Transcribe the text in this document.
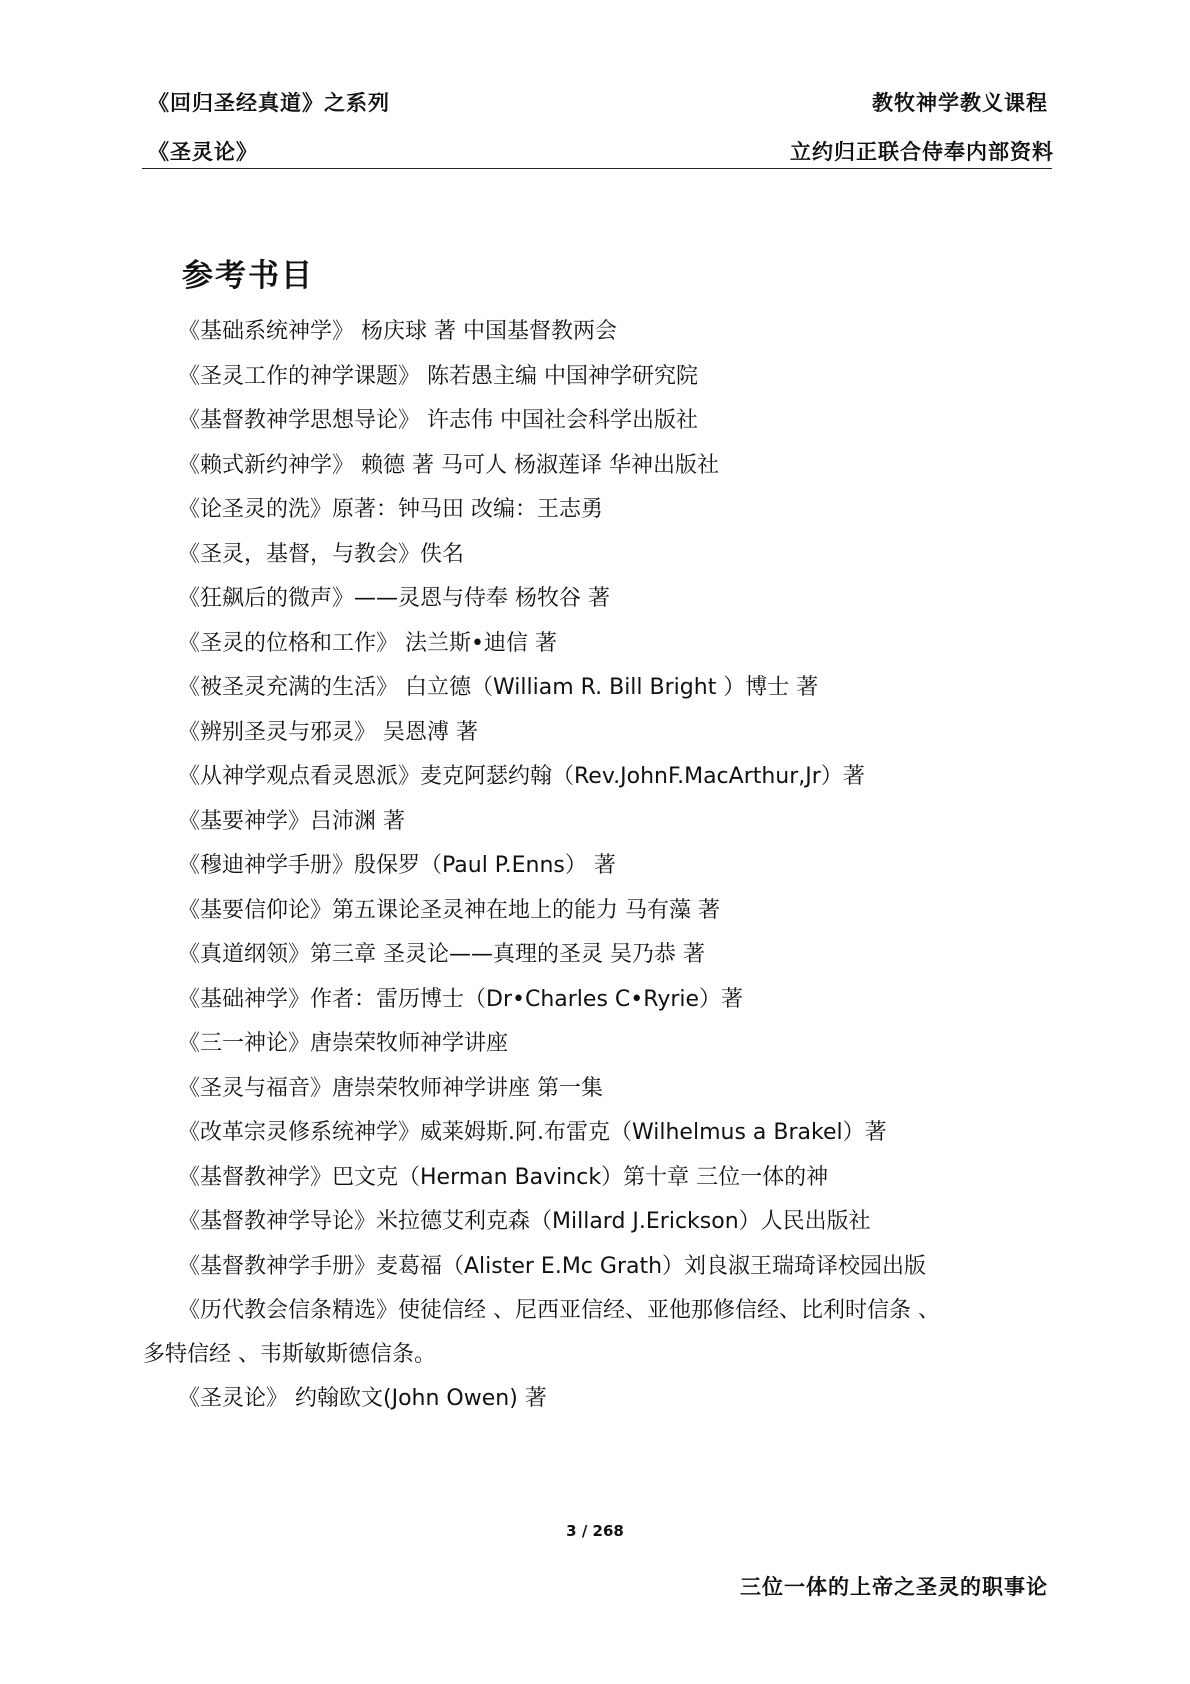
《回归圣经真道》之系列	教牧神学教义课程
《圣灵论》	立约归正联合侍奉内部资料
参考书目
《基础系统神学》 杨庆球 著 中国基督教两会
《圣灵工作的神学课题》 陈若愚主编 中国神学研究院
《基督教神学思想导论》 许志伟 中国社会科学出版社
《赖式新约神学》 赖德 著 马可人 杨淑莲译 华神出版社
《论圣灵的洗》原著：钟马田 改编：王志勇
《圣灵，基督，与教会》佚名
《狂飙后的微声》——灵恩与侍奉 杨牧谷 著
《圣灵的位格和工作》 法兰斯•迪信 著
《被圣灵充满的生活》 白立德（William R. Bill Bright ）博士 著
《辨别圣灵与邪灵》 吴恩溥 著
《从神学观点看灵恩派》麦克阿瑟约翰（Rev.JohnF.MacArthur,Jr）著
《基要神学》吕沛渊 著
《穆迪神学手册》殷保罗（Paul P.Enns） 著
《基要信仰论》第五课论圣灵神在地上的能力 马有藻 著
《真道纲领》第三章 圣灵论——真理的圣灵 吴乃恭 著
《基础神学》作者：雷历博士（Dr•Charles C•Ryrie）著
《三一神论》唐崇荣牧师神学讲座
《圣灵与福音》唐崇荣牧师神学讲座 第一集
《改革宗灵修系统神学》威莱姆斯.阿.布雷克（Wilhelmus a Brakel）著
《基督教神学》巴文克（Herman Bavinck）第十章 三位一体的神
《基督教神学导论》米拉德艾利克森（Millard J.Erickson）人民出版社
《基督教神学手册》麦葛福（Alister E.Mc Grath）刘良淑王瑞琦译校园出版
《历代教会信条精选》使徒信经 、尼西亚信经、亚他那修信经、比利时信条 、
多特信经 、韦斯敏斯德信条。
《圣灵论》 约翰欧文(John Owen) 著
3 / 268
三位一体的上帝之圣灵的职事论
